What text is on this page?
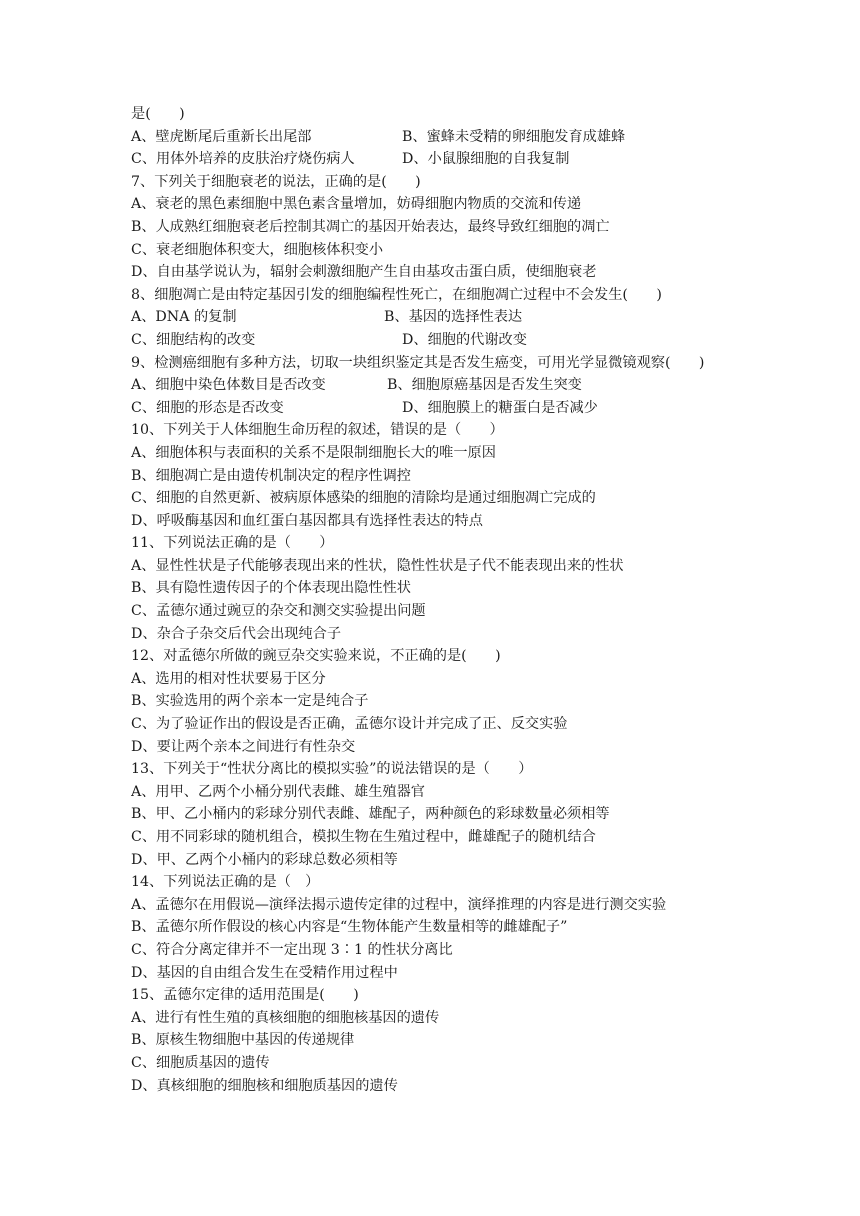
是(　　)
A、壁虎断尾后重新长出尾部	B、蜜蜂未受精的卵细胞发育成雄蜂
C、用体外培养的皮肤治疗烧伤病人	D、小鼠腺细胞的自我复制
7、下列关于细胞衰老的说法，正确的是(　　)
A、衰老的黑色素细胞中黑色素含量增加，妨碍细胞内物质的交流和传递
B、人成熟红细胞衰老后控制其凋亡的基因开始表达，最终导致红细胞的凋亡
C、衰老细胞体积变大，细胞核体积变小
D、自由基学说认为，辐射会刺激细胞产生自由基攻击蛋白质，使细胞衰老
8、细胞凋亡是由特定基因引发的细胞编程性死亡，在细胞凋亡过程中不会发生(　　)
A、DNA 的复制	B、基因的选择性表达
C、细胞结构的改变	D、细胞的代谢改变
9、检测癌细胞有多种方法，切取一块组织鉴定其是否发生癌变，可用光学显微镜观察(　　)
A、细胞中染色体数目是否改变	B、细胞原癌基因是否发生突变
C、细胞的形态是否改变	D、细胞膜上的糖蛋白是否减少
10、下列关于人体细胞生命历程的叙述，错误的是（　　）
A、细胞体积与表面积的关系不是限制细胞长大的唯一原因
B、细胞凋亡是由遗传机制决定的程序性调控
C、细胞的自然更新、被病原体感染的细胞的清除均是通过细胞凋亡完成的
D、呼吸酶基因和血红蛋白基因都具有选择性表达的特点
11、下列说法正确的是（　　）
A、显性性状是子代能够表现出来的性状，隐性性状是子代不能表现出来的性状
B、具有隐性遗传因子的个体表现出隐性性状
C、孟德尔通过豌豆的杂交和测交实验提出问题
D、杂合子杂交后代会出现纯合子
12、对孟德尔所做的豌豆杂交实验来说，不正确的是(　　)
A、选用的相对性状要易于区分
B、实验选用的两个亲本一定是纯合子
C、为了验证作出的假设是否正确，孟德尔设计并完成了正、反交实验
D、要让两个亲本之间进行有性杂交
13、下列关于“性状分离比的模拟实验”的说法错误的是（　　）
A、用甲、乙两个小桶分别代表雌、雄生殖器官
B、甲、乙小桶内的彩球分别代表雌、雄配子，两种颜色的彩球数量必须相等
C、用不同彩球的随机组合，模拟生物在生殖过程中，雌雄配子的随机结合
D、甲、乙两个小桶内的彩球总数必须相等
14、下列说法正确的是（　）
A、孟德尔在用假说—演绎法揭示遗传定律的过程中，演绎推理的内容是进行测交实验
B、孟德尔所作假设的核心内容是“生物体能产生数量相等的雌雄配子”
C、符合分离定律并不一定出现 3∶1 的性状分离比
D、基因的自由组合发生在受精作用过程中
15、孟德尔定律的适用范围是(　　)
A、进行有性生殖的真核细胞的细胞核基因的遗传
B、原核生物细胞中基因的传递规律
C、细胞质基因的遗传
D、真核细胞的细胞核和细胞质基因的遗传
